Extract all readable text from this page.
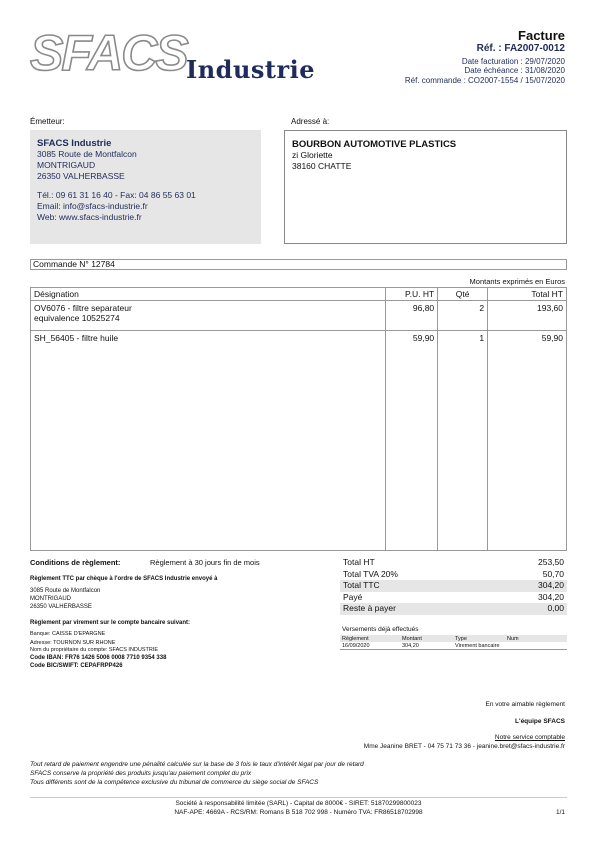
SFACS Industrie
Facture
Réf. : FA2007-0012
Date facturation : 29/07/2020
Date échéance : 31/08/2020
Réf. commande : CO2007-1554 / 15/07/2020
Émetteur:	Adressé à:
SFACS Industrie
3085 Route de Montfalcon
MONTRIGAUD
26350 VALHERBASSE
Tél.: 09 61 31 16 40 - Fax: 04 86 55 63 01
Email: info@sfacs-industrie.fr
Web: www.sfacs-industrie.fr
BOURBON AUTOMOTIVE PLASTICS
zi Gloriette
38160 CHATTE
Commande N° 12784
Montants exprimés en Euros
Désignation	P.U. HT	Qté	Total HT

OV6076 - filtre separateur
equivalence 10525274	96,80	2	193,60

SH_56405 - filtre huile	59,90	1	59,90
Conditions de règlement:	Règlement à 30 jours fin de mois
Règlement TTC par chèque à l'ordre de SFACS Industrie envoyé à
3085 Route de Montfalcon
MONTRIGAUD
26350 VALHERBASSE
Règlement par virement sur le compte bancaire suivant:
Banque: CAISSE D'EPARGNE
Adresse: TOURNON SUR RHONE
Nom du propriétaire du compte: SFACS INDUSTRIE
Code IBAN: FR76 1426 5006 0008 7710 9354 338
Code BIC/SWIFT: CEPAFRPP426
Total HT	253,50
Total TVA 20%	50,70
Total TTC	304,20
Payé	304,20
Reste à payer	0,00
Versements déjà effectués
Règlement	Montant	Type	Num
16/09/2020	304,20	Virement bancaire	
En votre aimable règlement
L'équipe SFACS
Notre service comptable
Mme Jeanine BRET - 04 75 71 73 36 - jeanine.bret@sfacs-industrie.fr
Tout retard de paiement engendre une pénalité calculée sur la base de 3 fois le taux d'intérêt légal par jour de retard
SFACS conserve la propriété des produits jusqu'au paiement complet du prix
Tous différents sont de la compétence exclusive du tribunal de commerce du siège social de SFACS
Société à responsabilité limitée (SARL) - Capital de 8000€ - SIRET: 51870299800023
NAF-APE: 4669A - RCS/RM: Romans B 518 702 998 - Numéro TVA: FR86518702998	1/1
